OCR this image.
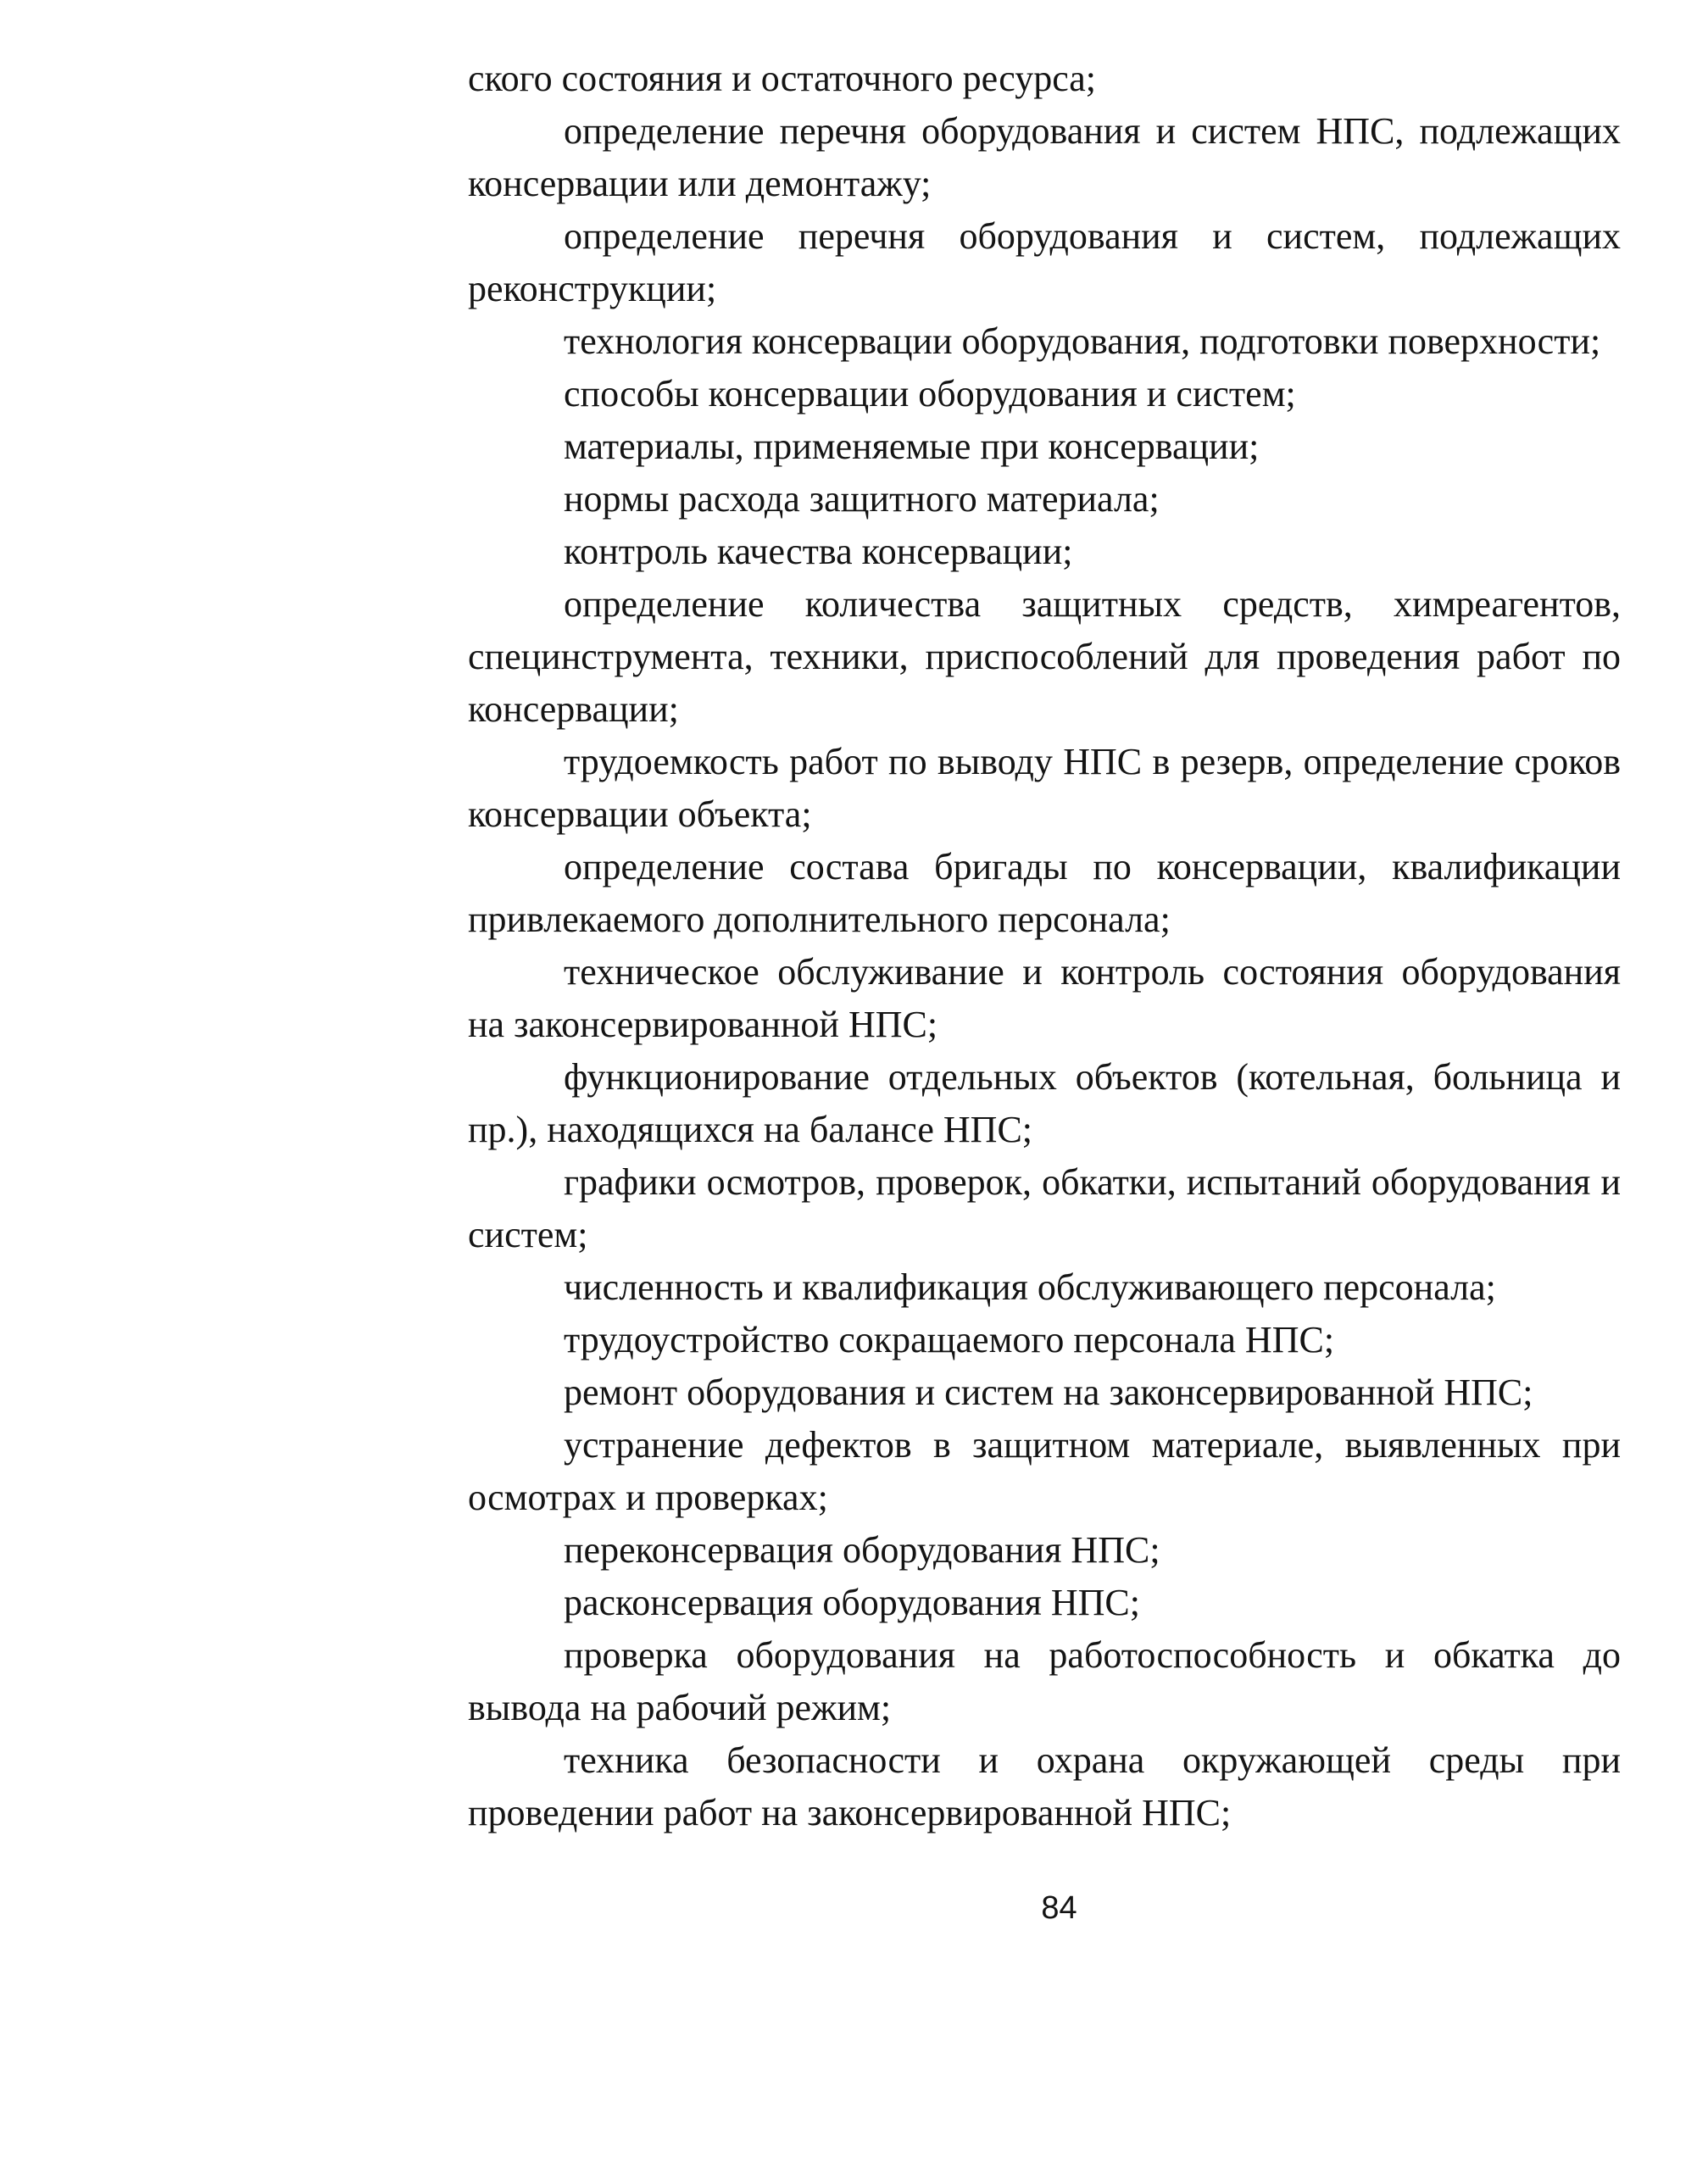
ского состояния и остаточного ресурса;

определение перечня оборудования и систем НПС, подлежащих консервации или демонтажу;

определение перечня оборудования и систем, подлежащих реконструкции;

технология консервации оборудования, подготовки поверхности;

способы консервации оборудования и систем;

материалы, применяемые при консервации;

нормы расхода защитного материала;

контроль качества консервации;

определение количества защитных средств, химреагентов, специнструмента, техники, приспособлений для проведения работ по консервации;

трудоемкость работ по выводу НПС в резерв, определение сроков консервации объекта;

определение состава бригады по консервации, квалификации привлекаемого дополнительного персонала;

техническое обслуживание и контроль состояния оборудования на законсервированной НПС;

функционирование отдельных объектов (котельная, больница и пр.), находящихся на балансе НПС;

графики осмотров, проверок, обкатки, испытаний оборудования и систем;

численность и квалификация обслуживающего персонала;

трудоустройство сокращаемого персонала НПС;

ремонт оборудования и систем на законсервированной НПС;

устранение дефектов в защитном материале, выявленных при осмотрах и проверках;

переконсервация оборудования НПС;

расконсервация оборудования НПС;

проверка оборудования на работоспособность и обкатка до вывода на рабочий режим;

техника безопасности и охрана окружающей среды при проведении работ на законсервированной НПС;

84
